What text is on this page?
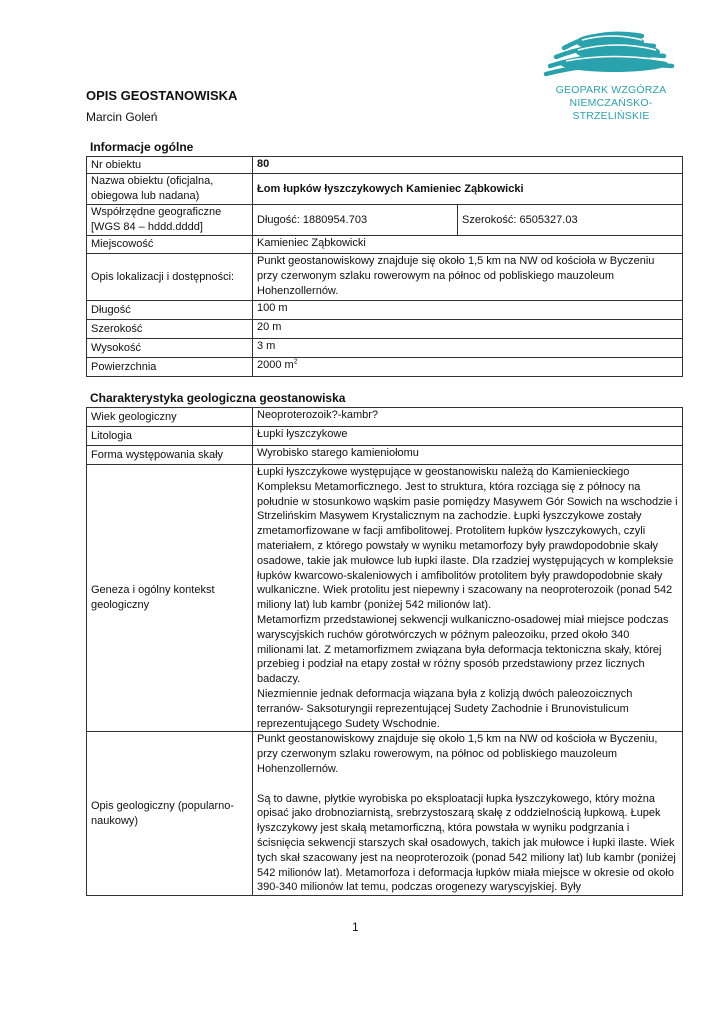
GEOPARK WZGÓRZA
NIEMCZAŃSKO-STRZELIŃSKIE
OPIS GEOSTANOWISKA
Marcin Goleń
Informacje ogólne
Nr obiektu	80	
Nazwa obiektu (oficjalna, obiegowa lub nadana)	Łom łupków łyszczykowych Kamieniec Ząbkowicki	
Współrzędne geograficzne [WGS 84 – hddd.dddd]	Długość: 1880954.703	Szerokość: 6505327.03
Miejscowość	Kamieniec Ząbkowicki	
Opis lokalizacji i dostępności:	Punkt geostanowiskowy znajduje się około 1,5 km na NW od kościoła w Byczeniu przy czerwonym szlaku rowerowym na północ od pobliskiego mauzoleum Hohenzollernów.	
Długość	100 m	
Szerokość	20 m	
Wysokość	3 m	
Powierzchnia	2000 $m^2$
Charakterystyka geologiczna geostanowiska
Wiek geologiczny	Neoproterozoik?-kambr?
Litologia	Łupki łyszczykowe
Forma występowania skały	Wyrobisko starego kamieniołomu
Geneza i ogólny kontekst geologiczny	Łupki łyszczykowe występujące w geostanowisku należą do Kamienieckiego Kompleksu Metamorficznego. Jest to struktura, która rozciąga się z północy na południe w stosunkowo wąskim pasie pomiędzy Masywem Gór Sowich na wschodzie i Strzelińskim Masywem Krystalicznym na zachodzie. Łupki łyszczykowe zostały zmetamorfizowane w facji amfibolitowej. Protolitem łupków łyszczykowych, czyli materiałem, z którego powstały w wyniku metamorfozy były prawdopodobnie skały osadowe, takie jak mułowce lub łupki ilaste. Dla rzadziej występujących w kompleksie łupków kwarcowo-skaleniowych i amfibolitów protolitem były prawdopodobnie skały wulkaniczne. Wiek protolitu jest niepewny i szacowany na neoproterozoik (ponad 542 miliony lat) lub kambr (poniżej 542 milionów lat).
Metamorfizm przedstawionej sekwencji wulkaniczno-osadowej miał miejsce podczas waryscyjskich ruchów górotwórczych w późnym paleozoiku, przed około 340 milionami lat. Z metamorfizmem związana była deformacja tektoniczna skały, której przebieg i podział na etapy został w różny sposób przedstawiony przez licznych badaczy.
Niezmiennie jednak deformacja wiązana była z kolizją dwóch paleozoicznych terranów- Saksoturyngii reprezentującej Sudety Zachodnie i Brunovistulicum reprezentującego Sudety Wschodnie.

Opis geologiczny (popularno-naukowy)	Punkt geostanowiskowy znajduje się około 1,5 km na NW od kościoła w Byczeniu, przy czerwonym szlaku rowerowym, na północ od pobliskiego mauzoleum Hohenzollernów.
Są to dawne, płytkie wyrobiska po eksploatacji łupka łyszczykowego, który można opisać jako drobnoziarnistą, srebrzystoszarą skałę z oddzielnością łupkową. Łupek łyszczykowy jest skałą metamorficzną, która powstała w wyniku podgrzania i ścisnięcia sekwencji starszych skał osadowych, takich jak mułowce i łupki ilaste. Wiek tych skał szacowany jest na neoproterozoik (ponad 542 miliony lat) lub kambr (poniżej 542 milionów lat). Metamorfoza i deformacja łupków miała miejsce w okresie od około 390-340 milionów lat temu, podczas orogenezy waryscyjskiej. Były
1
